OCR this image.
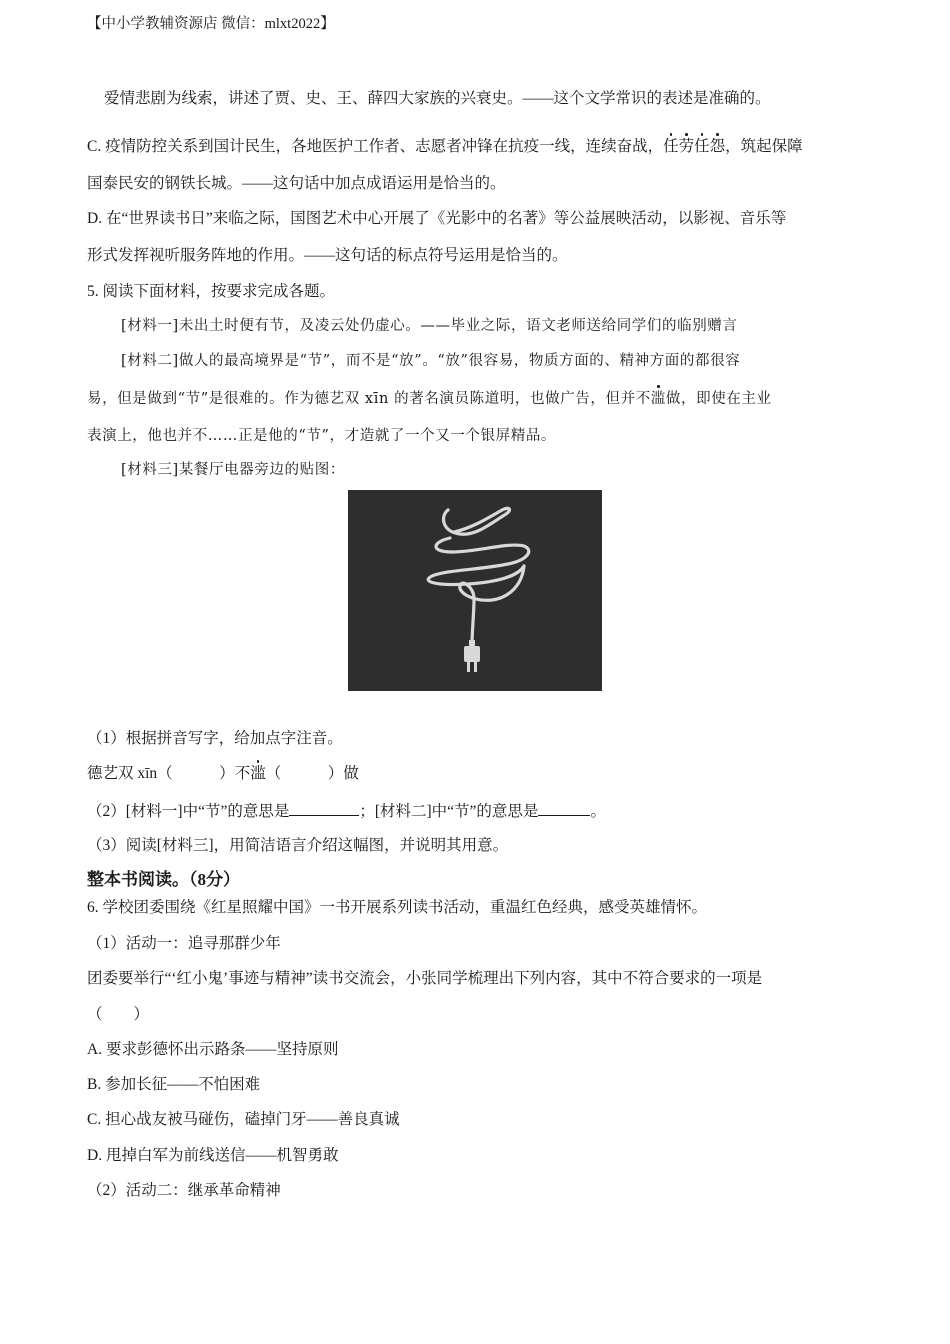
【中小学教辅资源店 微信：mlxt2022】
爱情悲剧为线索，讲述了贾、史、王、薛四大家族的兴衰史。——这个文学常识的表述是准确的。
C. 疫情防控关系到国计民生，各地医护工作者、志愿者冲锋在抗疫一线，连续奋战，任劳任怨，筑起保障
国泰民安的钢铁长城。——这句话中加点成语运用是恰当的。
D. 在“世界读书日”来临之际，国图艺术中心开展了《光影中的名著》等公益展映活动，以影视、音乐等
形式发挥视听服务阵地的作用。——这句话的标点符号运用是恰当的。
5. 阅读下面材料，按要求完成各题。
[材料一]未出土时便有节，及凌云处仍虚心。——毕业之际，语文老师送给同学们的临别赠言
[材料二]做人的最高境界是“节”，而不是“放”。“放”很容易，物质方面的、精神方面的都很容
易，但是做到“节”是很难的。作为德艺双 xīn 的著名演员陈道明，也做广告，但并不滥做，即使在主业
表演上，他也并不……正是他的“节”，才造就了一个又一个银屏精品。
[材料三]某餐厅电器旁边的贴图：
（1）根据拼音写字，给加点字注音。
德艺双 xīn（　　　）不滥（　　　）做
（2）[材料一]中“节”的意思是	；[材料二]中“节”的意思是	。
（3）阅读[材料三]，用简洁语言介绍这幅图，并说明其用意。
整本书阅读。（8分）
6. 学校团委围绕《红星照耀中国》一书开展系列读书活动，重温红色经典，感受英雄情怀。
（1）活动一：追寻那群少年
团委要举行“‘红小鬼’事迹与精神”读书交流会，小张同学梳理出下列内容，其中不符合要求的一项是
（　　）
A. 要求彭德怀出示路条——坚持原则
B. 参加长征——不怕困难
C. 担心战友被马碰伤，磕掉门牙——善良真诚
D. 甩掉白军为前线送信——机智勇敢
（2）活动二：继承革命精神
